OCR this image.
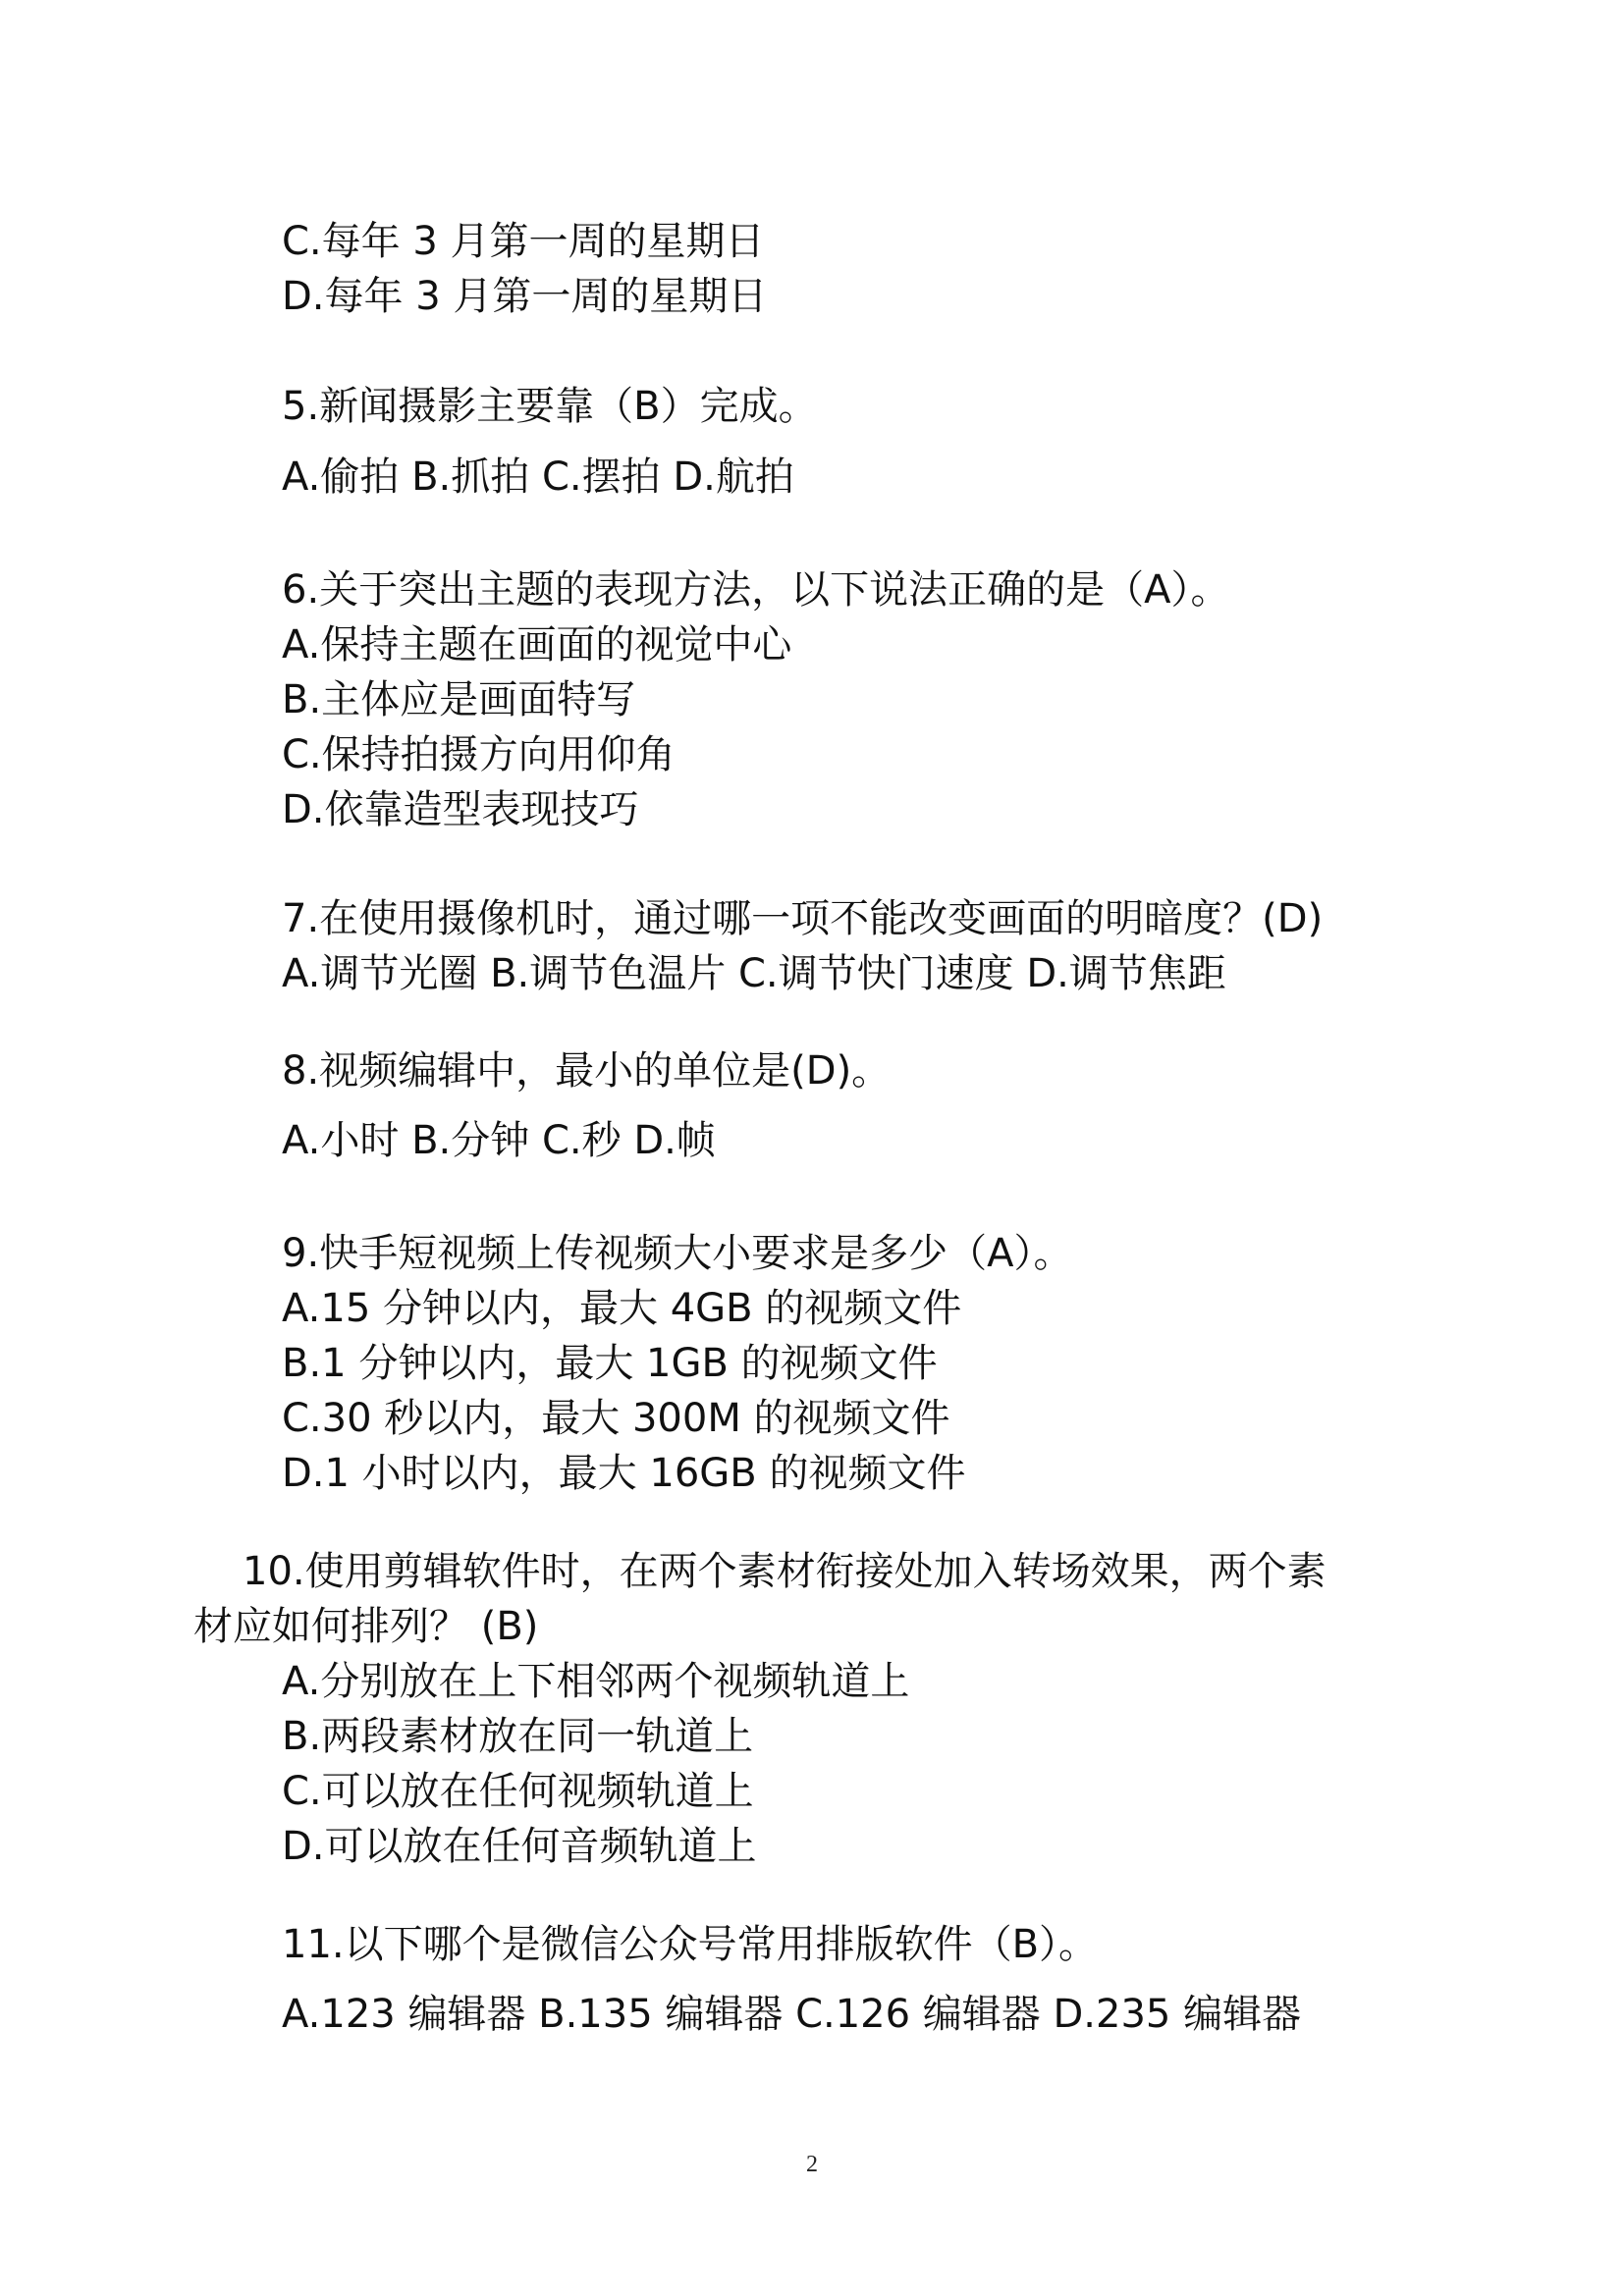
C.每年 3 月第一周的星期日
D.每年 3 月第一周的星期日
5.新闻摄影主要靠（B）完成。
A.偷拍 B.抓拍 C.摆拍 D.航拍
6.关于突出主题的表现方法，以下说法正确的是（A）。
A.保持主题在画面的视觉中心
B.主体应是画面特写
C.保持拍摄方向用仰角
D.依靠造型表现技巧
7.在使用摄像机时，通过哪一项不能改变画面的明暗度？(D)
A.调节光圈 B.调节色温片 C.调节快门速度 D.调节焦距
8.视频编辑中，最小的单位是(D)。
A.小时 B.分钟 C.秒 D.帧
9.快手短视频上传视频大小要求是多少（A）。
A.15 分钟以内，最大 4GB 的视频文件
B.1 分钟以内，最大 1GB 的视频文件
C.30 秒以内，最大 300M 的视频文件
D.1 小时以内，最大 16GB 的视频文件
10.使用剪辑软件时，在两个素材衔接处加入转场效果，两个素
材应如何排列？ (B)
A.分别放在上下相邻两个视频轨道上
B.两段素材放在同一轨道上
C.可以放在任何视频轨道上
D.可以放在任何音频轨道上
11.以下哪个是微信公众号常用排版软件（B）。
A.123 编辑器 B.135 编辑器 C.126 编辑器 D.235 编辑器
2
